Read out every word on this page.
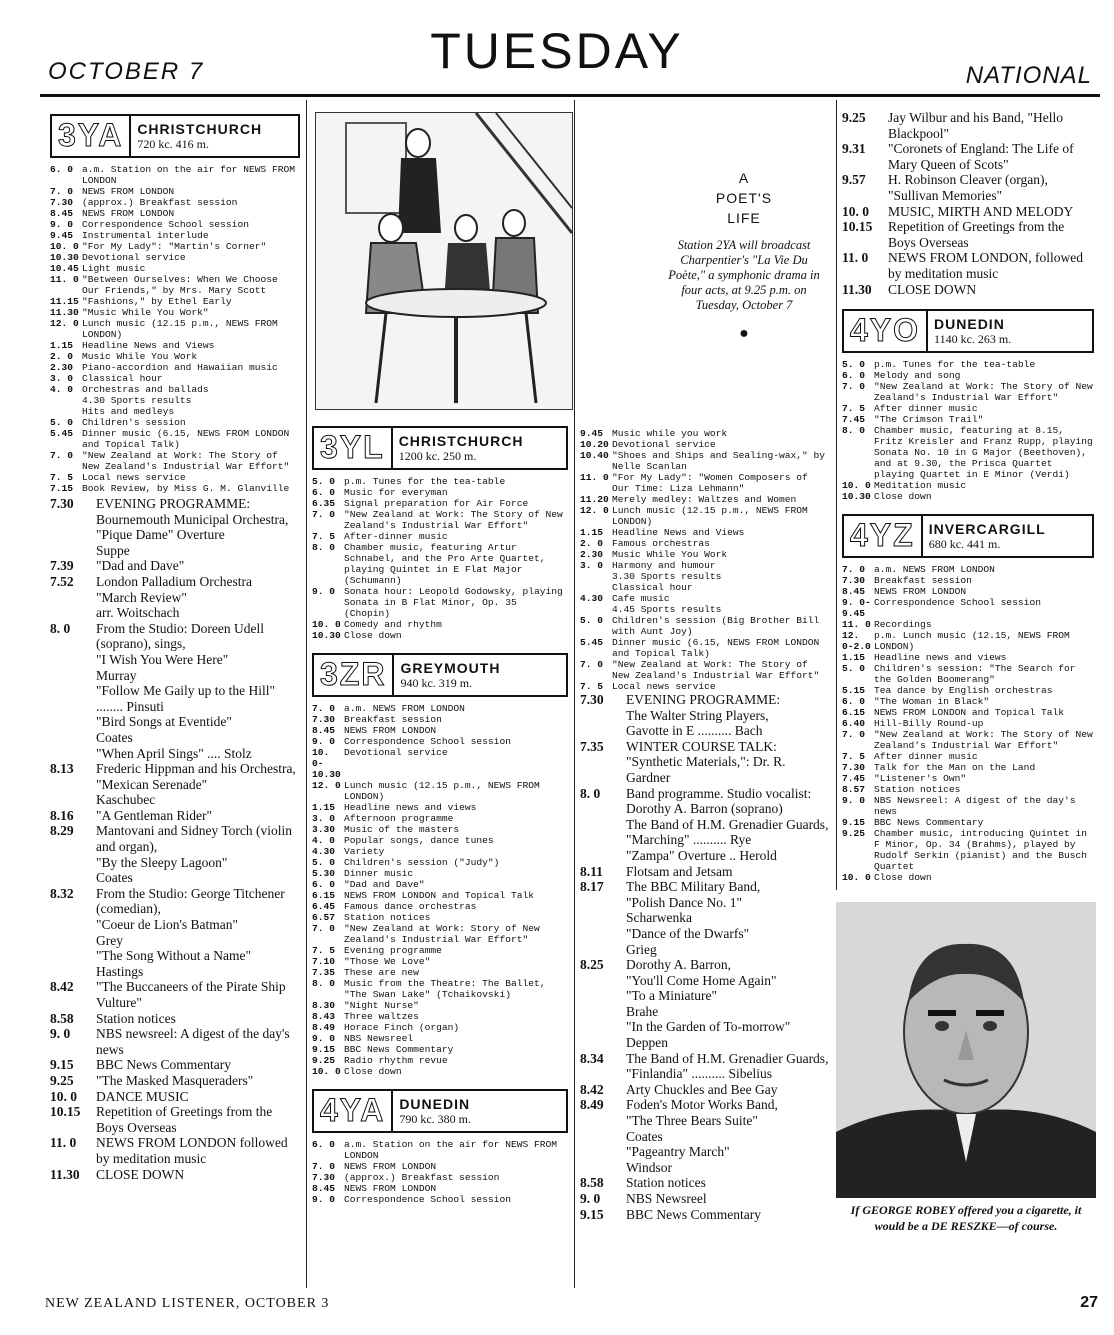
OCTOBER 7	TUESDAY	NATIONAL
3YA	CHRISTCHURCH
720 kc. 416 m.
6. 0 a.m. Station on the air for NEWS FROM LONDON
7. 0 NEWS FROM LONDON
7.30 (approx.) Breakfast session
8.45 NEWS FROM LONDON
9. 0 Correspondence School session
9.45 Instrumental interlude
10. 0 "For My Lady": "Martin's Corner"
10.30 Devotional service
10.45 Light music
11. 0 "Between Ourselves: When We Choose Our Friends," by Mrs. Mary Scott
11.15 "Fashions," by Ethel Early
11.30 "Music While You Work"
12. 0 Lunch music (12.15 p.m., NEWS FROM LONDON)
1.15 Headline News and Views
2. 0 Music While You Work
2.30 Piano-accordion and Hawaiian music
3. 0 Classical hour
4. 0 Orchestras and ballads
4.30 Sports results
Hits and medleys
5. 0 Children's session
5.45 Dinner music (6.15, NEWS FROM LONDON and Topical Talk)
7. 0 "New Zealand at Work: The Story of New Zealand's Industrial War Effort"
7. 5 Local news service
7.15 Book Review, by Miss G. M. Glanville
7.30	EVENING PROGRAMME:
Bournemouth Municipal Orchestra,
"Pique Dame" Overture
Suppe
7.39	"Dad and Dave"
7.52	London Palladium Orchestra
"March Review"
arr. Woitschach
8. 0	From the Studio: Doreen Udell (soprano), sings,
"I Wish You Were Here"
Murray
"Follow Me Gaily up to the Hill" ........ Pinsuti
"Bird Songs at Eventide"
Coates
"When April Sings" .... Stolz
8.13	Frederic Hippman and his Orchestra,
"Mexican Serenade"
Kaschubec
8.16	"A Gentleman Rider"
8.29	Mantovani and Sidney Torch (violin and organ),
"By the Sleepy Lagoon"
Coates
8.32	From the Studio: George Titchener (comedian),
"Coeur de Lion's Batman"
Grey
"The Song Without a Name"
Hastings
8.42	"The Buccaneers of the Pirate Ship Vulture"
8.58	Station notices
9. 0	NBS newsreel: A digest of the day's news
9.15	BBC News Commentary
9.25	"The Masked Masqueraders"
10. 0	DANCE MUSIC
10.15	Repetition of Greetings from the Boys Overseas
11. 0	NEWS FROM LONDON followed by meditation music
11.30	CLOSE DOWN
A
POET'S
LIFE
Station 2YA will broadcast Charpentier's "La Vie Du Poète," a symphonic drama in four acts, at 9.25 p.m. on Tuesday, October 7
●
3YL	CHRISTCHURCH
1200 kc. 250 m.
5. 0 p.m. Tunes for the tea-table
6. 0 Music for everyman
6.35 Signal preparation for Air Force
7. 0 "New Zealand at Work: The Story of New Zealand's Industrial War Effort"
7. 5 After-dinner music
8. 0 Chamber music, featuring Artur Schnabel, and the Pro Arte Quartet, playing Quintet in E Flat Major (Schumann)
9. 0 Sonata hour: Leopold Godowsky, playing Sonata in B Flat Minor, Op. 35 (Chopin)
10. 0 Comedy and rhythm
10.30 Close down
3ZR	GREYMOUTH
940 kc. 319 m.
7. 0 a.m. NEWS FROM LONDON
7.30 Breakfast session
8.45 NEWS FROM LONDON
9. 0 Correspondence School session
10. 0-10.30
Devotional service
12. 0 Lunch music (12.15 p.m., NEWS FROM LONDON)
1.15 Headline news and views
3. 0 Afternoon programme
3.30 Music of the masters
4. 0 Popular songs, dance tunes
4.30 Variety
5. 0 Children's session ("Judy")
5.30 Dinner music
6. 0 "Dad and Dave"
6.15 NEWS FROM LONDON and Topical Talk
6.45 Famous dance orchestras
6.57 Station notices
7. 0 "New Zealand at Work: Story of New Zealand's Industrial War Effort"
7. 5 Evening programme
7.10 "Those We Love"
7.35 These are new
8. 0 Music from the Theatre: The Ballet, "The Swan Lake" (Tchaikovski)
8.30 "Night Nurse"
8.43 Three waltzes
8.49 Horace Finch (organ)
9. 0 NBS Newsreel
9.15 BBC News Commentary
9.25 Radio rhythm revue
10. 0 Close down
4YA	DUNEDIN
790 kc. 380 m.
6. 0 a.m. Station on the air for NEWS FROM LONDON
7. 0 NEWS FROM LONDON
7.30 (approx.) Breakfast session
8.45 NEWS FROM LONDON
9. 0 Correspondence School session
9.45 Music while you work
10.20 Devotional service
10.40 "Shoes and Ships and Sealing-wax," by Nelle Scanlan
11. 0 "For My Lady": "Women Composers of Our Time: Liza Lehmann"
11.20 Merely medley: Waltzes and Women
12. 0 Lunch music (12.15 p.m., NEWS FROM LONDON)
1.15 Headline News and Views
2. 0 Famous orchestras
2.30 Music While You Work
3. 0 Harmony and humour
3.30 Sports results
Classical hour
4.30 Cafe music
4.45 Sports results
5. 0 Children's session (Big Brother Bill with Aunt Joy)
5.45 Dinner music (6.15, NEWS FROM LONDON and Topical Talk)
7. 0 "New Zealand at Work: The Story of New Zealand's Industrial War Effort"
7. 5 Local news service
7.30	EVENING PROGRAMME:
The Walter String Players,
Gavotte in E .......... Bach
7.35	WINTER COURSE TALK: "Synthetic Materials,": Dr. R. Gardner
8. 0	Band programme. Studio vocalist: Dorothy A. Barron (soprano)
The Band of H.M. Grenadier Guards,
"Marching" .......... Rye
"Zampa" Overture .. Herold
8.11	Flotsam and Jetsam
8.17	The BBC Military Band,
"Polish Dance No. 1"
Scharwenka
"Dance of the Dwarfs"
Grieg
8.25	Dorothy A. Barron,
"You'll Come Home Again"
"To a Miniature"
Brahe
"In the Garden of To-morrow"
Deppen
8.34	The Band of H.M. Grenadier Guards,
"Finlandia" .......... Sibelius
8.42	Arty Chuckles and Bee Gay
8.49	Foden's Motor Works Band,
"The Three Bears Suite"
Coates
"Pageantry March"
Windsor
8.58	Station notices
9. 0	NBS Newsreel
9.15	BBC News Commentary
9.25	Jay Wilbur and his Band, "Hello Blackpool"
9.31	"Coronets of England: The Life of Mary Queen of Scots"
9.57	H. Robinson Cleaver (organ), "Sullivan Memories"
10. 0	MUSIC, MIRTH AND MELODY
10.15	Repetition of Greetings from the Boys Overseas
11. 0	NEWS FROM LONDON, followed by meditation music
11.30	CLOSE DOWN
4YO	DUNEDIN
1140 kc. 263 m.
5. 0 p.m. Tunes for the tea-table
6. 0 Melody and song
7. 0 "New Zealand at Work: The Story of New Zealand's Industrial War Effort"
7. 5 After dinner music
7.45 "The Crimson Trail"
8. 0 Chamber music, featuring at 8.15, Fritz Kreisler and Franz Rupp, playing Sonata No. 10 in G Major (Beethoven), and at 9.30, the Prisca Quartet playing Quartet in E Minor (Verdi)
10. 0 Meditation music
10.30 Close down
4YZ	INVERCARGILL
680 kc. 441 m.
7. 0 a.m. NEWS FROM LONDON
7.30 Breakfast session
8.45 NEWS FROM LONDON
9. 0-9.45
Correspondence School session
11. 0 Recordings
12. 0-2.0
p.m. Lunch music (12.15, NEWS FROM LONDON)
1.15 Headline news and views
5. 0 Children's session: "The Search for the Golden Boomerang"
5.15 Tea dance by English orchestras
6. 0 "The Woman in Black"
6.15 NEWS FROM LONDON and Topical Talk
6.40 Hill-Billy Round-up
7. 0 "New Zealand at Work: The Story of New Zealand's Industrial War Effort"
7. 5 After dinner music
7.30 Talk for the Man on the Land
7.45 "Listener's Own"
8.57 Station notices
9. 0 NBS Newsreel: A digest of the day's news
9.15 BBC News Commentary
9.25 Chamber music, introducing Quintet in F Minor, Op. 34 (Brahms), played by Rudolf Serkin (pianist) and the Busch Quartet
10. 0 Close down
If GEORGE ROBEY offered you a cigarette, it would be a DE RESZKE—of course.
NEW ZEALAND LISTENER, OCTOBER 3	27
